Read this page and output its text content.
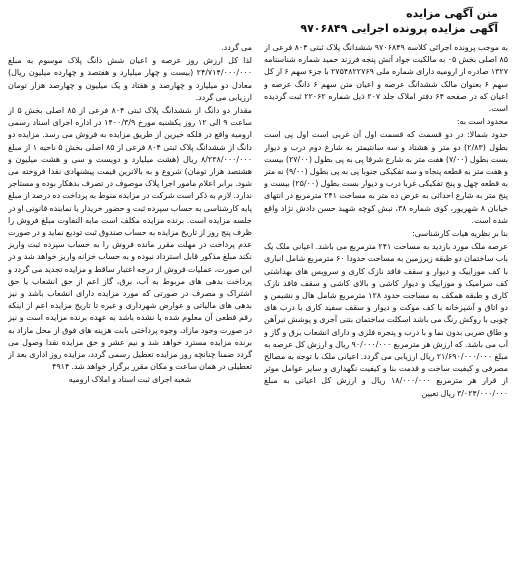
متن آگهی مزایده
آگهی مزایده پرونده اجرایی ۹۷۰۶۸۴۹

به موجب پرونده اجرائی کلاسه ۹۷۰۶۸۴۹ ششدانگ پلاک ثبتی ۸۰۴ فرعی از ۸۵ اصلی بخش ۰۵ به مالکیت جواد آتش پنجه فرزند حمید شماره شناسنامه ۱۳۲۷ صادره از ارومیه دارای شماره ملی ۲۷۵۴۸۲۲۷۶۹ با جزء سهم ۶ از کل سهم ۶ بعنوان مالک ششدانگ عرصه و اعیان متن سهم ۶ دانگ عرصه و اعیان که در صفحه ۶۴ دفتر املاک جلد ۲۰۷ ذیل شماره ۲۲۰۶۲ ثبت گردیده است.

محدود است به:

حدود شمالا: در دو قسمت که قسمت اول آن غربی است اول پی است بطول (۲/۸۳) دو متر و هشتاد و سه سانتیمتر به شارع دوم درب و دیوار بست بطول (۷/۰۰) هفت متر به شارع شرقا پی به پی بطول (۲۷/۰۰) بیست و هفت متر به قطعه پنجاه و سه تفکیکی جنوبا پی به پی بطول (۹/۰۰) نه متر به قطعه چهل و پنج تفکیکی غربا درب و دیوار بست بطول (۲۵/۰۰) بیست و پنج متر به شارع احداثی به عرض ده متر به مساحت ۲۴۱ مترمربع در انتهای خیابان ۸ شهریور، کوی شماره ۳۸، نبش کوچه شهید حسن دادش نژاد واقع شده است.

بنا بر نظریه هیات کارشناسی:

عرصه ملک مورد بازدید به مساحت ۲۴۱ مترمربع می باشد. اعیانی ملک یک باب ساختمان دو طبقه زیرزمین به مساحت حدودا ۶۰ مترمربع شامل انباری با کف موزاییک و دیوار و سقف فاقد نازک کاری و سرویس های بهداشتی کف سرامیک و موزاییک و دیوار کاشی و بالای کاشی و سقف فاقد نازک کاری و طبقه همکف به مساحت حدود ۱۲۸ مترمربع شامل هال و نشیمن و دو اتاق و آشپزخانه با کف موکت و دیوار و سقف سفید کاری با درب های چوبی با روکش رنگ می باشد اسکلت ساختمان بتنی آجری و پوشش تیرآهن و طاق ضربی بدون نما و با درب و پنجره فلزی و دارای انشعاب برق و گاز و آب می باشد. که ارزش هر مترمربع ۹۰/۰۰۰/۰۰۰ ریال و ارزش کل عرصه به مبلغ ۲۱/۶۹۰/۰۰۰/۰۰۰ ریال ارزیابی می گردد. اعیانی ملک با توجه به مصالح مصرفی و کیفیت ساخت و قدمت بنا و کیفیت نگهداری و سایر عوامل موثر از قرار هر مترمربع ۱۸/۰۰۰/۰۰۰ ریال و ارزش کل اعیانی به مبلغ ۳/۰۲۴/۰۰۰/۰۰۰ ریال تعیین

می گردد.

لذا کل ارزش روز عرصه و اعیان شش دانگ پلاک موسوم به مبلغ ۲۴/۷۱۴/۰۰۰/۰۰۰ (بیست و چهار میلیارد و هفتصد و چهارده میلیون ریال) معادل دو میلیارد و چهارصد و هفتاد و یک میلیون و چهارصد هزار تومان ارزیابی می گردد.

مقدار دو دانگ از ششدانگ پلاک ثبتی ۸۰۴ فرعی از ۸۵ اصلی بخش ۵ از ساعت ۹ الی ۱۲ روز یکشنبه مورخ ۱۴۰۰/۳/۹ در اداره اجرای اسناد رسمی ارومیه واقع در فلکه خیرین از طریق مزایده به فروش می رسد. مزایده دو دانگ از ششدانگ پلاک ثبتی ۸۰۴ فرعی از ۸۵ اصلی بخش ۵ ناحیه ۱ از مبلغ ۸/۲۳۸/۰۰۰/۰۰۰ ریال (هشت میلیارد و دویست و سی و هشت میلیون و هشتصد هزار تومان) شروع و به بالاترین قیمت پیشنهادی نقدا فروخته می شود. برابر اعلام مامور اجرا پلاک موصوف در تصرف بدهکار بوده و مستاجر ندارد. لازم به ذکر است شرکت در مزایده منوط به پرداخت ده درصد از مبلغ پایه کارشناسی به حساب سپرده ثبت و حضور خریدار یا نماینده قانونی او در جلسه مزایده است. برنده مزایده مکلف است مابه التفاوت مبلغ فروش را ظرف پنج روز از تاریخ مزایده به حساب صندوق ثبت تودیع نماید و در صورت عدم پرداخت در مهلت مقرر مانده فروش را به حساب سپرده ثبت واریز نکند مبلغ مذکور قابل استرداد نبوده و به حساب خزانه واریز خواهد شد و در این صورت، عملیات فروش از درجه اعتبار ساقط و مزایده تجدید می گردد و پرداخت بدهی های مربوط به آب، برق، گاز اعم از حق انشعاب یا حق اشتراک و مصرف در صورتی که مورد مزایده دارای انشعاب باشد و نیز بدهی های مالیاتی و عوارض شهرداری و غیره تا تاریخ مزایده اعم از اینکه رقم قطعی آن معلوم شده یا نشده باشد به عهده برنده مزایده است و نیز در صورت وجود مازاد، وجوه پرداختی بابت هزینه های فوق از محل مازاد به برنده مزایده مسترد خواهد شد و نیم عشر و حق مزایده نقدا وصول می گردد ضمنا چنانچه روز مزایده تعطیل رسمی گردد، مزایده روز اداری بعد از تعطیلی در همان ساعت و مکان مقرر برگزار خواهد شد. ۴۹۱۴

شعبه اجرای ثبت اسناد و املاک ارومیه
